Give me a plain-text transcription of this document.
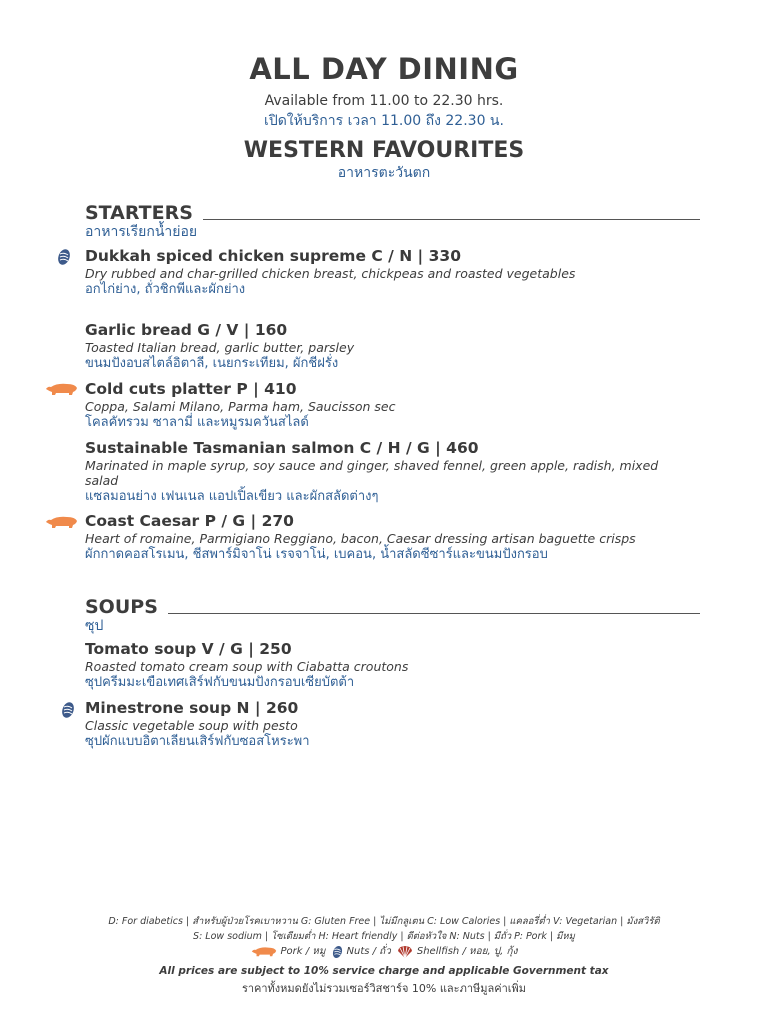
ALL DAY DINING
Available from 11.00 to 22.30 hrs.
เปิดให้บริการ เวลา 11.00 ถึง 22.30 น.
WESTERN FAVOURITES
อาหารตะวันตก
STARTERS
อาหารเรียกน้ำย่อย
Dukkah spiced chicken supreme C / N | 330
Dry rubbed and char-grilled chicken breast, chickpeas and roasted vegetables
อกไก่ย่าง, ถั่วชิกพีและผักย่าง
Garlic bread G / V | 160
Toasted Italian bread, garlic butter, parsley
ขนมปังอบสไตล์อิตาลี, เนยกระเทียม, ผักชีฝรั่ง
Cold cuts platter P | 410
Coppa, Salami Milano, Parma ham, Saucisson sec
โคลคัทรวม ซาลามี่ และหมูรมควันสไลด์
Sustainable Tasmanian salmon C / H / G | 460
Marinated in maple syrup, soy sauce and ginger, shaved fennel, green apple, radish, mixed salad
แซลมอนย่าง เฟนเนล แอปเปิ้ลเขียว และผักสลัดต่างๆ
Coast Caesar P / G | 270
Heart of romaine, Parmigiano Reggiano, bacon, Caesar dressing artisan baguette crisps
ผักกาดคอสโรเมน, ชีสพาร์มิจาโน่ เรจจาโน่, เบคอน, น้ำสลัดซีซาร์และขนมปังกรอบ
SOUPS
ซุป
Tomato soup V / G | 250
Roasted tomato cream soup with Ciabatta croutons
ซุปครีมมะเขือเทศเสิร์ฟกับขนมปังกรอบเซียบัตต้า
Minestrone soup N | 260
Classic vegetable soup with pesto
ซุปผักแบบอิตาเลียนเสิร์ฟกับซอสโหระพา
D: For diabetics | สำหรับผู้ป่วยโรคเบาหวาน G: Gluten Free | ไม่มีกลูเตน C: Low Calories | แคลอรี่ต่ำ V: Vegetarian | มังสวิรัติ
S: Low sodium | โซเดียมต่ำ H: Heart friendly | ดีต่อหัวใจ N: Nuts | มีถั่ว P: Pork | มีหมู
Pork / หมู Nuts / ถั่ว	Shellfish / หอย, ปู, กุ้ง
All prices are subject to 10% service charge and applicable Government tax
ราคาทั้งหมดยังไม่รวมเซอร์วิสชาร์จ 10% และภาษีมูลค่าเพิ่ม
